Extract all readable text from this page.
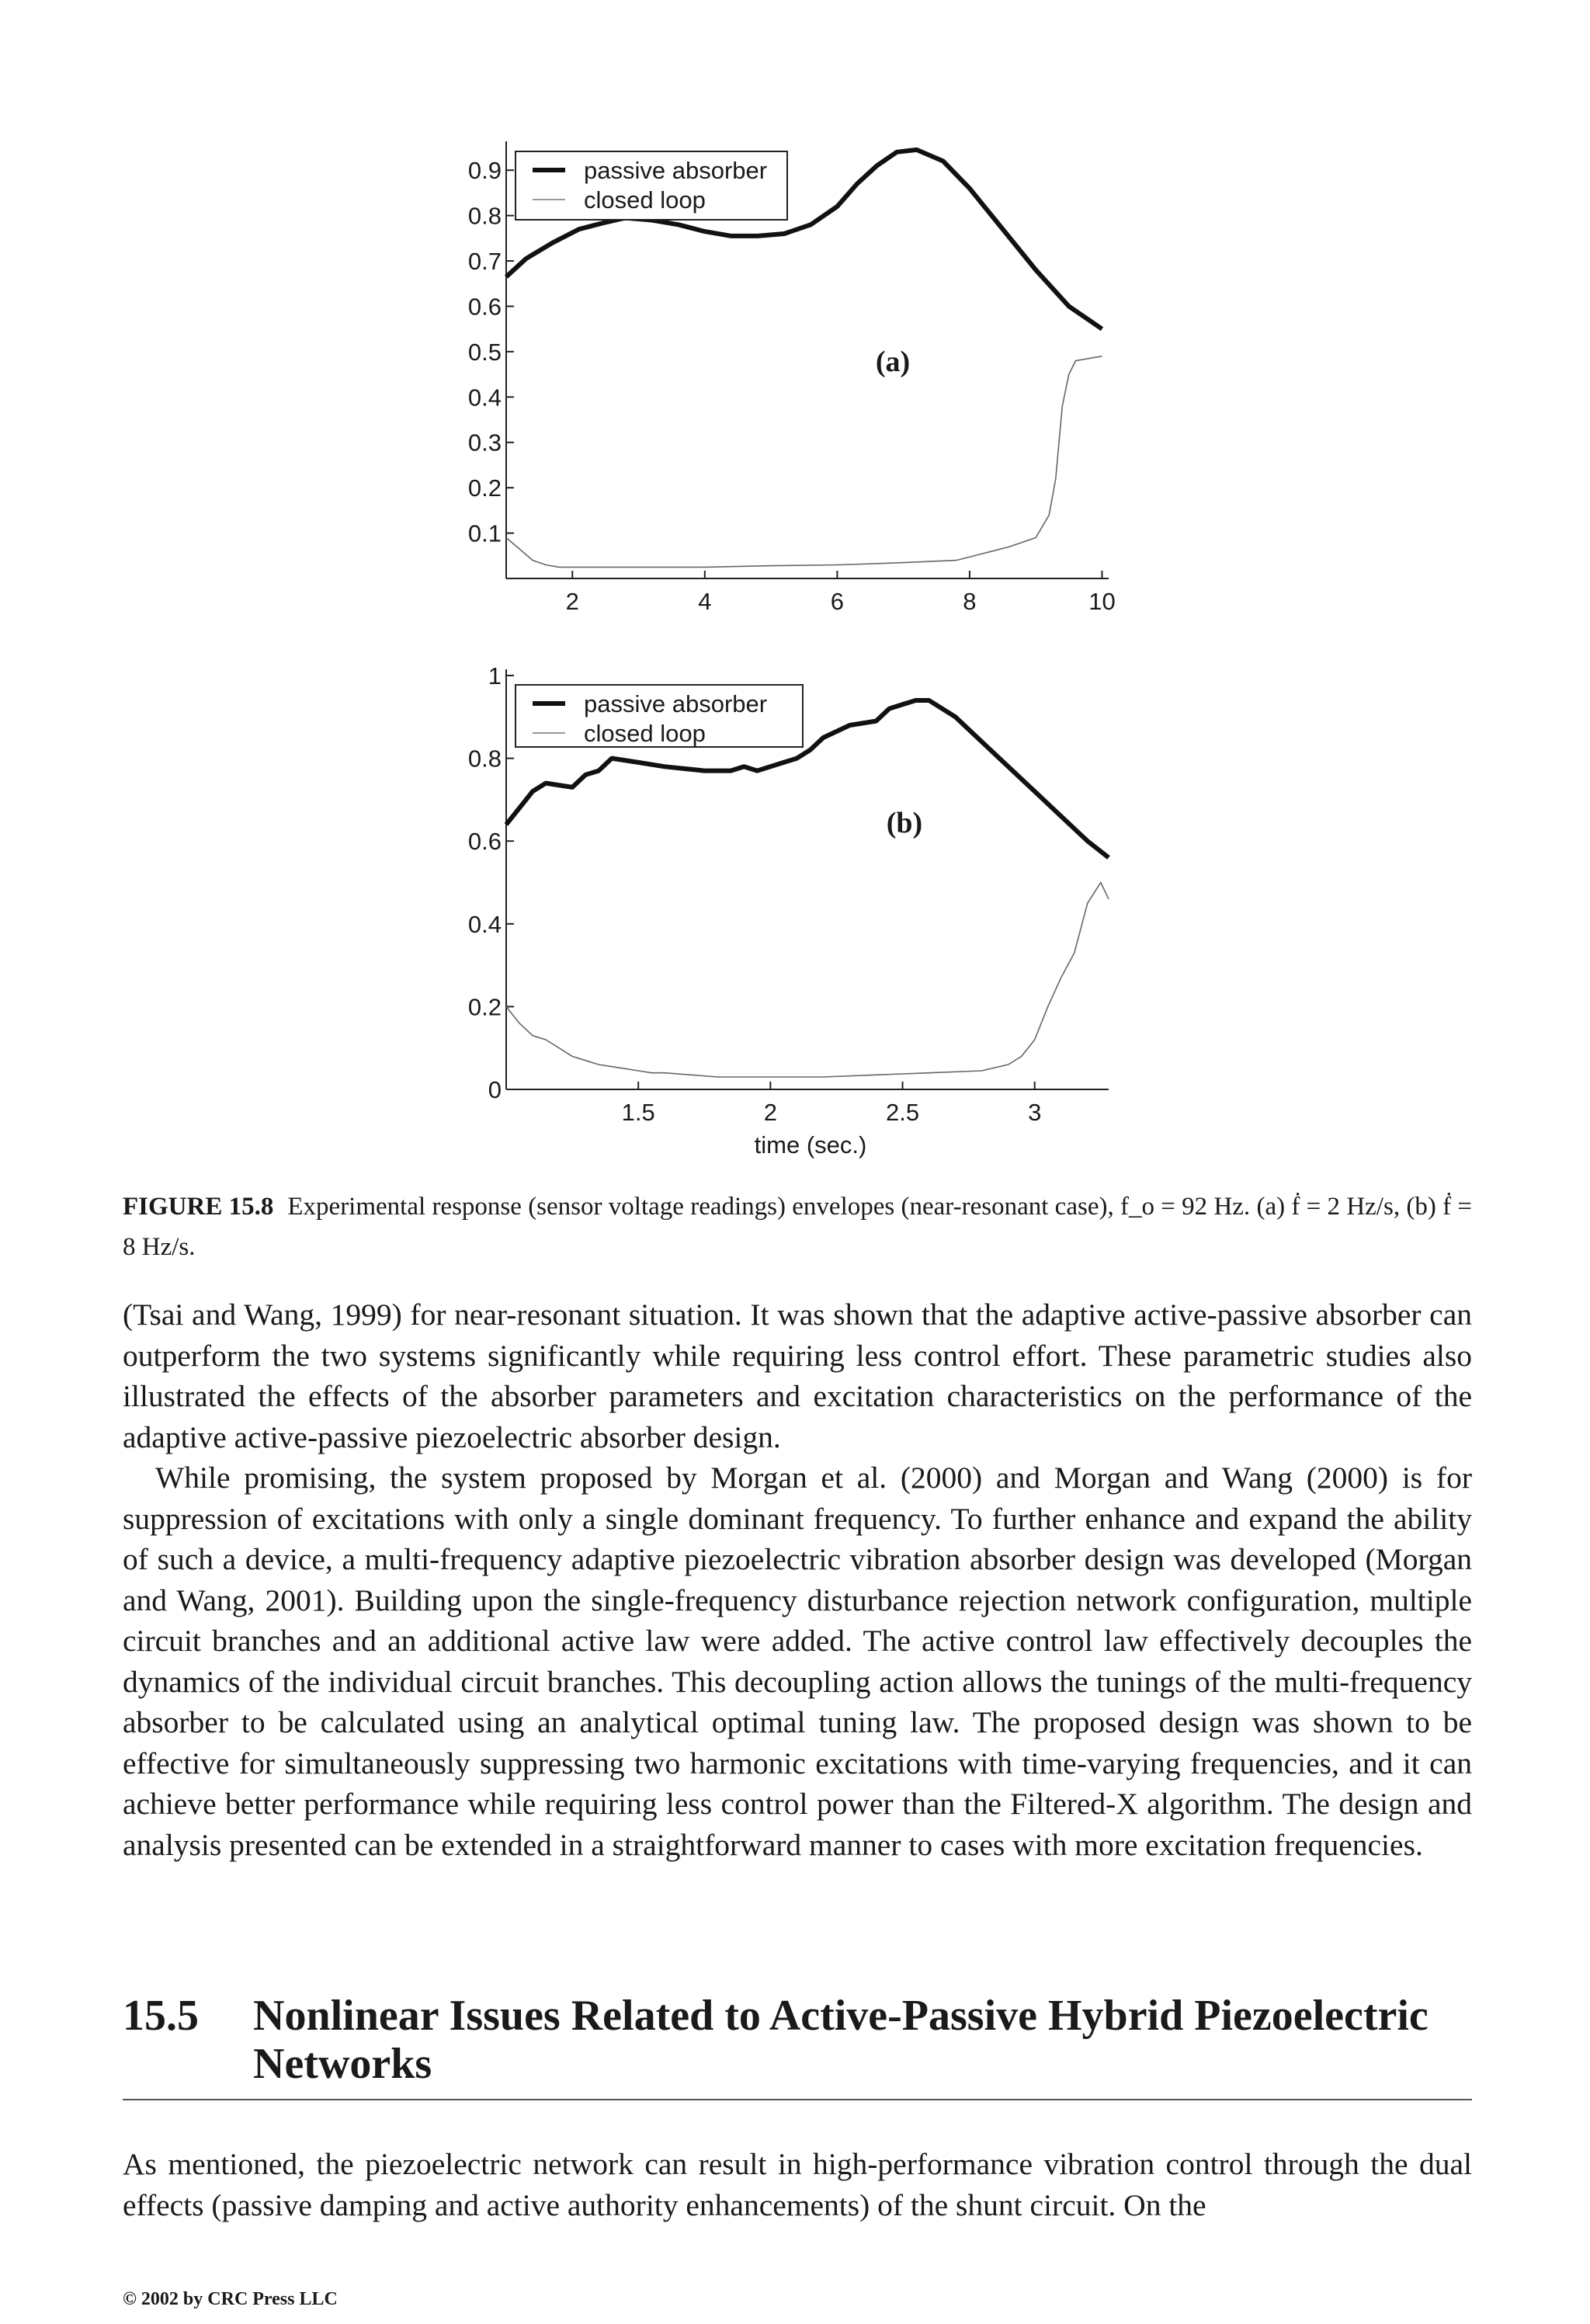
0.1
0.2
0.3
0.4
0.5
0.6
0.7
0.8
0.9
2	4	6	8	10
passive absorber
closed loop
(a)
0
0.2
0.4
0.6
0.8
1
1.5	2	2.5	3
passive absorber
closed loop
(b)
time (sec.)
FIGURE 15.8 Experimental response (sensor voltage readings) envelopes (near-resonant case), f_o = 92 Hz. (a) ḟ = 2 Hz/s, (b) ḟ = 8 Hz/s.

(Tsai and Wang, 1999) for near-resonant situation. It was shown that the adaptive active-passive absorber can outperform the two systems significantly while requiring less control effort. These parametric studies also illustrated the effects of the absorber parameters and excitation characteristics on the performance of the adaptive active-passive piezoelectric absorber design.

While promising, the system proposed by Morgan et al. (2000) and Morgan and Wang (2000) is for suppression of excitations with only a single dominant frequency. To further enhance and expand the ability of such a device, a multi-frequency adaptive piezoelectric vibration absorber design was developed (Morgan and Wang, 2001). Building upon the single-frequency disturbance rejection network configuration, multiple circuit branches and an additional active law were added. The active control law effectively decouples the dynamics of the individual circuit branches. This decoupling action allows the tunings of the multi-frequency absorber to be calculated using an analytical optimal tuning law. The proposed design was shown to be effective for simultaneously suppressing two harmonic excitations with time-varying frequencies, and it can achieve better performance while requiring less control power than the Filtered-X algorithm. The design and analysis presented can be extended in a straightforward manner to cases with more excitation frequencies.

15.5	Nonlinear Issues Related to Active-Passive Hybrid Piezoelectric Networks

As mentioned, the piezoelectric network can result in high-performance vibration control through the dual effects (passive damping and active authority enhancements) of the shunt circuit. On the

© 2002 by CRC Press LLC
